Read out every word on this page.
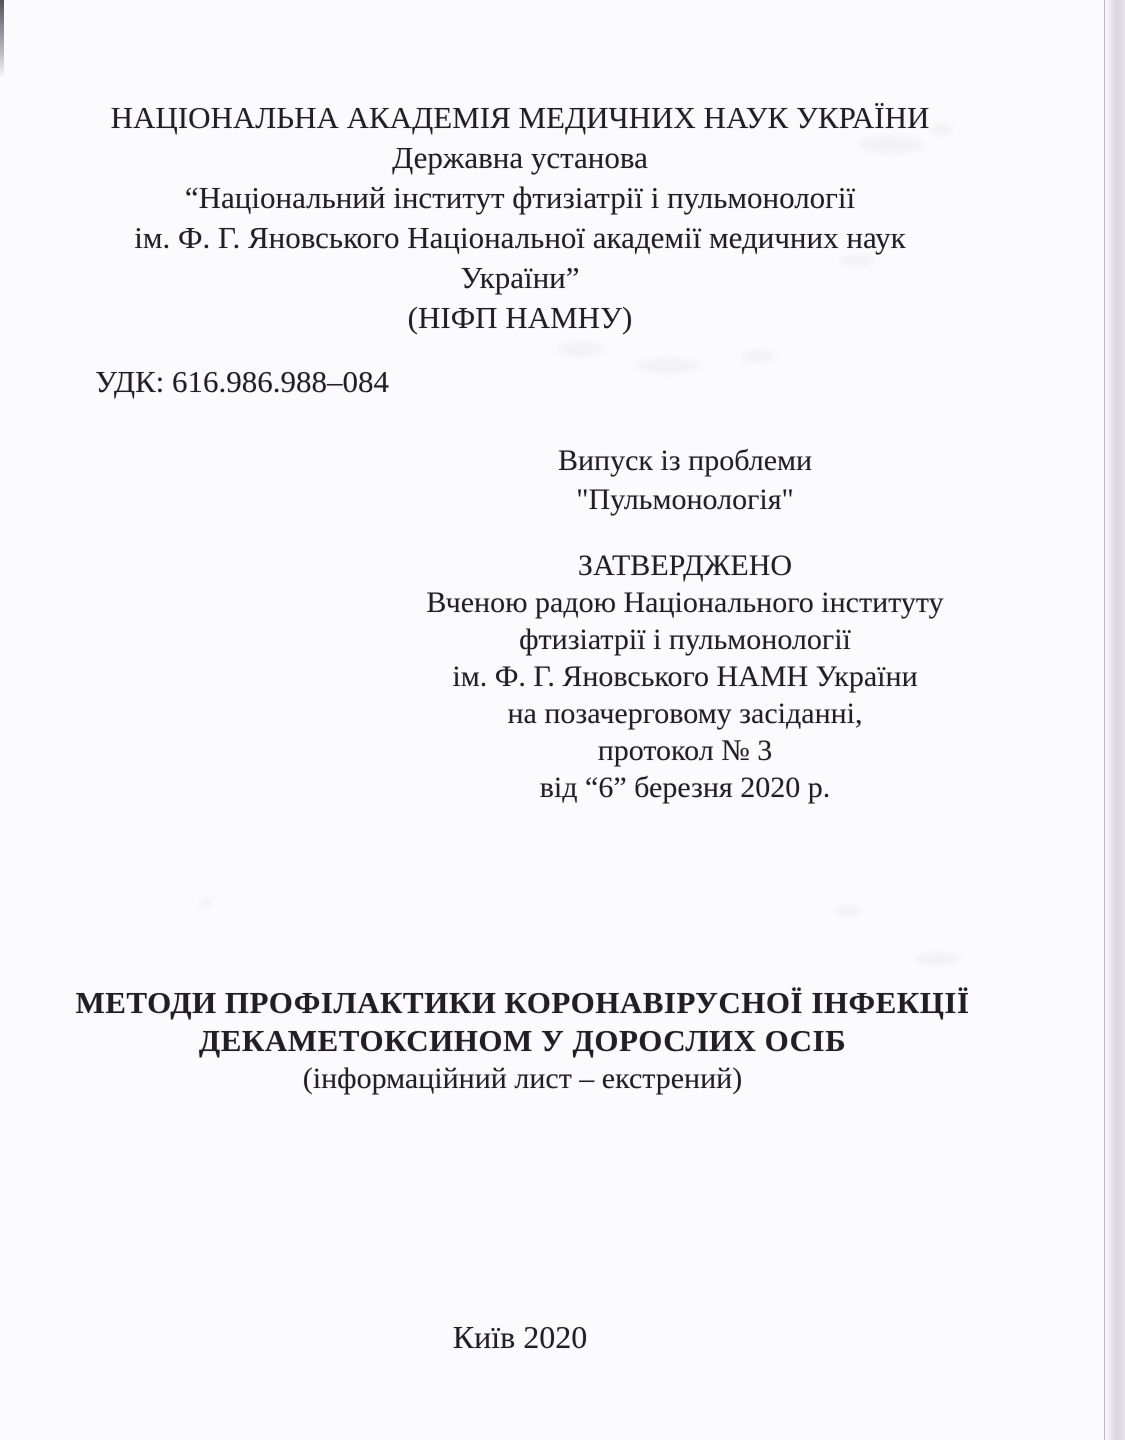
НАЦІОНАЛЬНА АКАДЕМІЯ МЕДИЧНИХ НАУК УКРАЇНИ
Державна установа
“Національний інститут фтизіатрії і пульмонології
ім. Ф. Г. Яновського Національної академії медичних наук
України”
(НІФП НАМНУ)
УДК: 616.986.988–084
Випуск із проблеми
"Пульмонологія"
ЗАТВЕРДЖЕНО
Вченою радою Національного інституту
фтизіатрії і пульмонології
ім. Ф. Г. Яновського НАМН України
на позачерговому засіданні,
протокол № 3
від “6” березня 2020 р.
МЕТОДИ ПРОФІЛАКТИКИ КОРОНАВІРУСНОЇ ІНФЕКЦІЇ
ДЕКАМЕТОКСИНОМ У ДОРОСЛИХ ОСІБ
(інформаційний лист – екстрений)
Київ 2020
